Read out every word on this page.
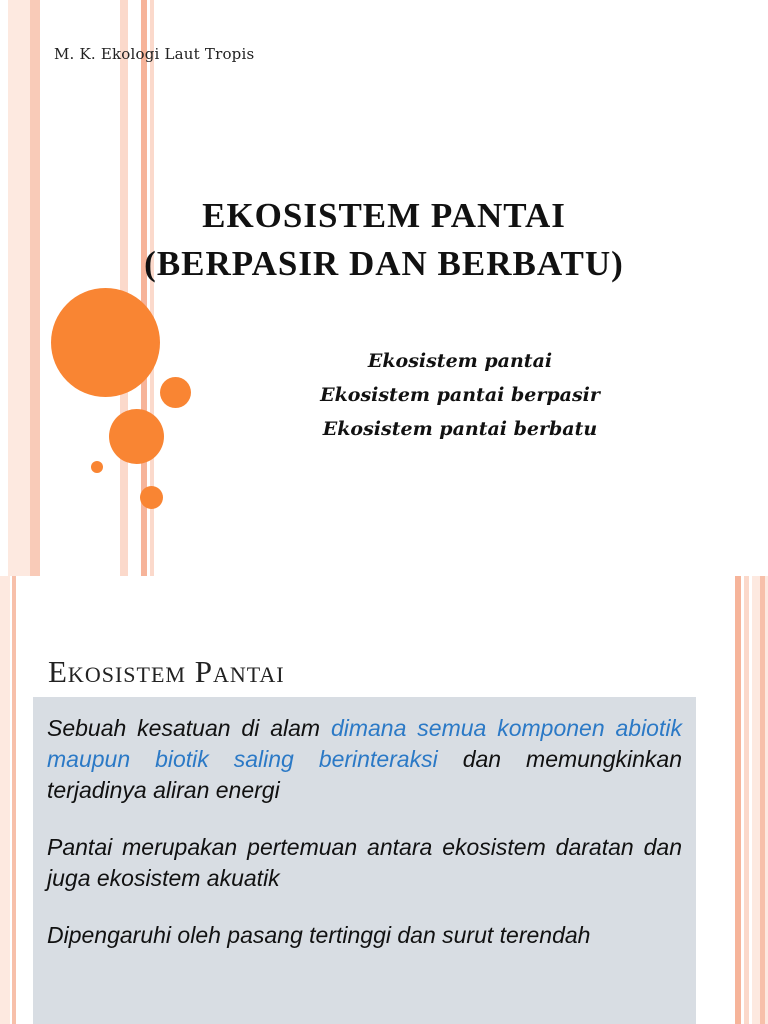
M. K. Ekologi Laut Tropis
EKOSISTEM PANTAI
(BERPASIR DAN BERBATU)
Ekosistem pantai
Ekosistem pantai berpasir
Ekosistem pantai berbatu
Ekosistem Pantai

Sebuah kesatuan di alam dimana semua komponen abiotik maupun biotik saling berinteraksi dan memungkinkan terjadinya aliran energi

Pantai merupakan pertemuan antara ekosistem daratan dan juga ekosistem akuatik

Dipengaruhi oleh pasang tertinggi dan surut terendah
